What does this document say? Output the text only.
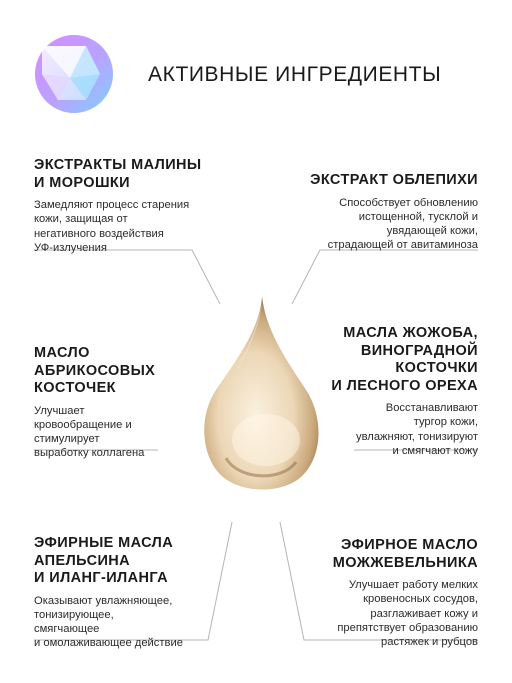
АКТИВНЫЕ ИНГРЕДИЕНТЫ
ЭКСТРАКТЫ МАЛИНЫ
И МОРОШКИ

Замедляют процесс старения
кожи, защищая от
негативного воздействия
УФ-излучения

ЭКСТРАКТ ОБЛЕПИХИ

Способствует обновлению
истощенной, тусклой и
увядающей кожи,
страдающей от авитаминоза

МАСЛО
АБРИКОСОВЫХ
КОСТОЧЕК

Улучшает
кровообращение и
стимулирует
выработку коллагена

МАСЛА ЖОЖОБА,
ВИНОГРАДНОЙ
КОСТОЧКИ
И ЛЕСНОГО ОРЕХА

Восстанавливают
тургор кожи,
увлажняют, тонизируют
и смягчают кожу

ЭФИРНЫЕ МАСЛА
АПЕЛЬСИНА
И ИЛАНГ-ИЛАНГА

Оказывают увлажняющее,
тонизирующее,
смягчающее
и омолаживающее действие

ЭФИРНОЕ МАСЛО
МОЖЖЕВЕЛЬНИКА

Улучшает работу мелких
кровеносных сосудов,
разглаживает кожу и
препятствует образованию
растяжек и рубцов
